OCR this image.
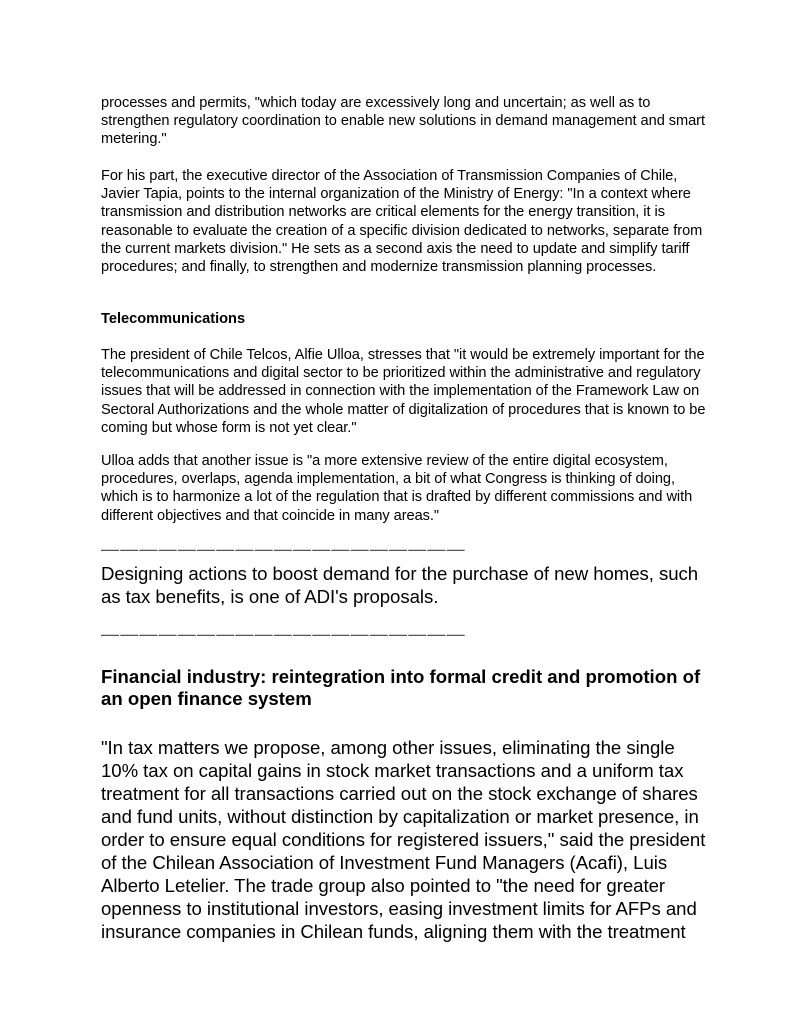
processes and permits, "which today are excessively long and uncertain; as well as to strengthen regulatory coordination to enable new solutions in demand management and smart metering."

For his part, the executive director of the Association of Transmission Companies of Chile, Javier Tapia, points to the internal organization of the Ministry of Energy: "In a context where transmission and distribution networks are critical elements for the energy transition, it is reasonable to evaluate the creation of a specific division dedicated to networks, separate from the current markets division." He sets as a second axis the need to update and simplify tariff procedures; and finally, to strengthen and modernize transmission planning processes.

Telecommunications

The president of Chile Telcos, Alfie Ulloa, stresses that "it would be extremely important for the telecommunications and digital sector to be prioritized within the administrative and regulatory issues that will be addressed in connection with the implementation of the Framework Law on Sectoral Authorizations and the whole matter of digitalization of procedures that is known to be coming but whose form is not yet clear."

Ulloa adds that another issue is "a more extensive review of the entire digital ecosystem, procedures, overlaps, agenda implementation, a bit of what Congress is thinking of doing, which is to harmonize a lot of the regulation that is drafted by different commissions and with different objectives and that coincide in many areas."

———————————————————

Designing actions to boost demand for the purchase of new homes, such as tax benefits, is one of ADI's proposals.

———————————————————
Financial industry: reintegration into formal credit and promotion of an open finance system

"In tax matters we propose, among other issues, eliminating the single 10% tax on capital gains in stock market transactions and a uniform tax treatment for all transactions carried out on the stock exchange of shares and fund units, without distinction by capitalization or market presence, in order to ensure equal conditions for registered issuers," said the president of the Chilean Association of Investment Fund Managers (Acafi), Luis Alberto Letelier. The trade group also pointed to "the need for greater openness to institutional investors, easing investment limits for AFPs and insurance companies in Chilean funds, aligning them with the treatment
